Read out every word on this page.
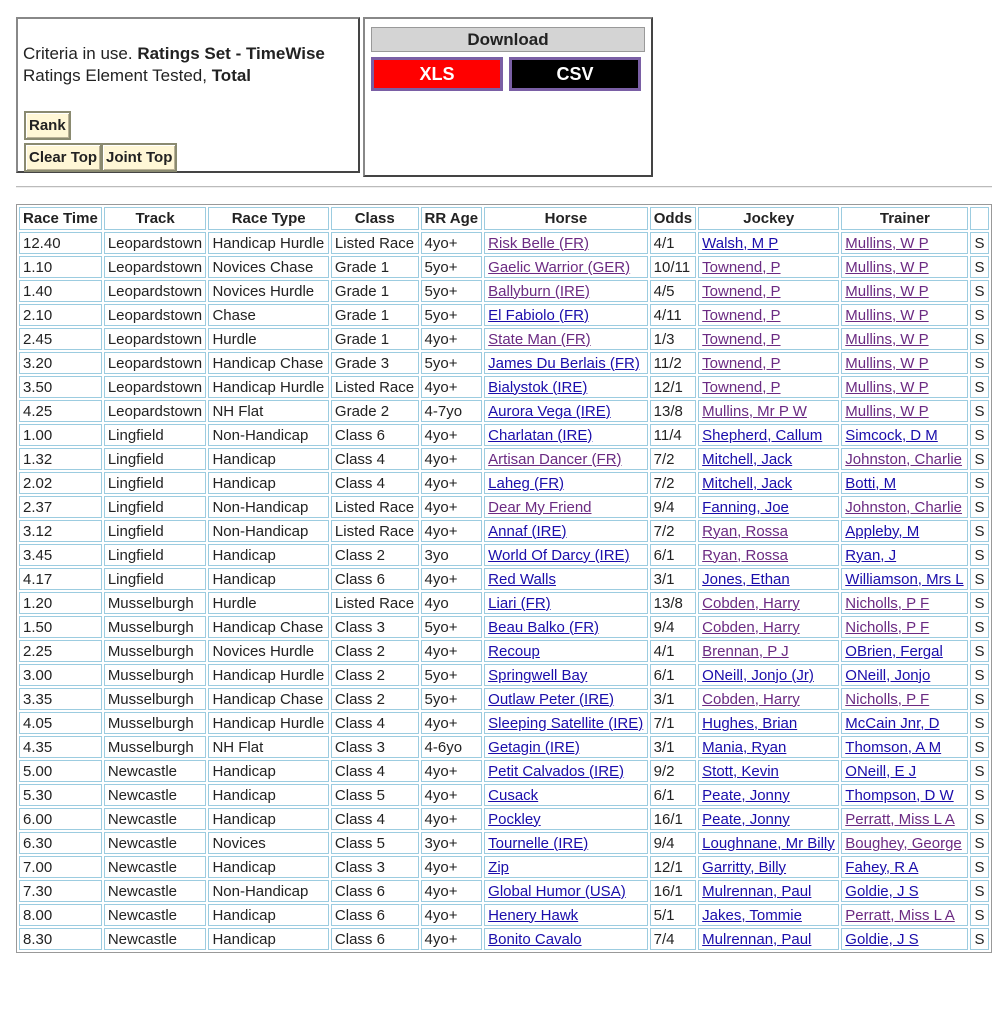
Criteria in use. Ratings Set - TimeWise
Ratings Element Tested, Total
Rank
Clear Top Joint Top
Download
XLS	CSV
Race Time	Track	Race Type	Class	RR Age	Horse	Odds	Jockey	Trainer	
12.40	Leopardstown	Handicap Hurdle	Listed Race	4yo+	Risk Belle (FR)	4/1	Walsh, M P	Mullins, W P	S
1.10	Leopardstown	Novices Chase	Grade 1	5yo+	Gaelic Warrior (GER)	10/11	Townend, P	Mullins, W P	S
1.40	Leopardstown	Novices Hurdle	Grade 1	5yo+	Ballyburn (IRE)	4/5	Townend, P	Mullins, W P	S
2.10	Leopardstown	Chase	Grade 1	5yo+	El Fabiolo (FR)	4/11	Townend, P	Mullins, W P	S
2.45	Leopardstown	Hurdle	Grade 1	4yo+	State Man (FR)	1/3	Townend, P	Mullins, W P	S
3.20	Leopardstown	Handicap Chase	Grade 3	5yo+	James Du Berlais (FR)	11/2	Townend, P	Mullins, W P	S
3.50	Leopardstown	Handicap Hurdle	Listed Race	4yo+	Bialystok (IRE)	12/1	Townend, P	Mullins, W P	S
4.25	Leopardstown	NH Flat	Grade 2	4-7yo	Aurora Vega (IRE)	13/8	Mullins, Mr P W	Mullins, W P	S
1.00	Lingfield	Non-Handicap	Class 6	4yo+	Charlatan (IRE)	11/4	Shepherd, Callum	Simcock, D M	S
1.32	Lingfield	Handicap	Class 4	4yo+	Artisan Dancer (FR)	7/2	Mitchell, Jack	Johnston, Charlie	S
2.02	Lingfield	Handicap	Class 4	4yo+	Laheg (FR)	7/2	Mitchell, Jack	Botti, M	S
2.37	Lingfield	Non-Handicap	Listed Race	4yo+	Dear My Friend	9/4	Fanning, Joe	Johnston, Charlie	S
3.12	Lingfield	Non-Handicap	Listed Race	4yo+	Annaf (IRE)	7/2	Ryan, Rossa	Appleby, M	S
3.45	Lingfield	Handicap	Class 2	3yo	World Of Darcy (IRE)	6/1	Ryan, Rossa	Ryan, J	S
4.17	Lingfield	Handicap	Class 6	4yo+	Red Walls	3/1	Jones, Ethan	Williamson, Mrs L	S
1.20	Musselburgh	Hurdle	Listed Race	4yo	Liari (FR)	13/8	Cobden, Harry	Nicholls, P F	S
1.50	Musselburgh	Handicap Chase	Class 3	5yo+	Beau Balko (FR)	9/4	Cobden, Harry	Nicholls, P F	S
2.25	Musselburgh	Novices Hurdle	Class 2	4yo+	Recoup	4/1	Brennan, P J	OBrien, Fergal	S
3.00	Musselburgh	Handicap Hurdle	Class 2	5yo+	Springwell Bay	6/1	ONeill, Jonjo (Jr)	ONeill, Jonjo	S
3.35	Musselburgh	Handicap Chase	Class 2	5yo+	Outlaw Peter (IRE)	3/1	Cobden, Harry	Nicholls, P F	S
4.05	Musselburgh	Handicap Hurdle	Class 4	4yo+	Sleeping Satellite (IRE)	7/1	Hughes, Brian	McCain Jnr, D	S
4.35	Musselburgh	NH Flat	Class 3	4-6yo	Getagin (IRE)	3/1	Mania, Ryan	Thomson, A M	S
5.00	Newcastle	Handicap	Class 4	4yo+	Petit Calvados (IRE)	9/2	Stott, Kevin	ONeill, E J	S
5.30	Newcastle	Handicap	Class 5	4yo+	Cusack	6/1	Peate, Jonny	Thompson, D W	S
6.00	Newcastle	Handicap	Class 4	4yo+	Pockley	16/1	Peate, Jonny	Perratt, Miss L A	S
6.30	Newcastle	Novices	Class 5	3yo+	Tournelle (IRE)	9/4	Loughnane, Mr Billy	Boughey, George	S
7.00	Newcastle	Handicap	Class 3	4yo+	Zip	12/1	Garritty, Billy	Fahey, R A	S
7.30	Newcastle	Non-Handicap	Class 6	4yo+	Global Humor (USA)	16/1	Mulrennan, Paul	Goldie, J S	S
8.00	Newcastle	Handicap	Class 6	4yo+	Henery Hawk	5/1	Jakes, Tommie	Perratt, Miss L A	S
8.30	Newcastle	Handicap	Class 6	4yo+	Bonito Cavalo	7/4	Mulrennan, Paul	Goldie, J S	S
